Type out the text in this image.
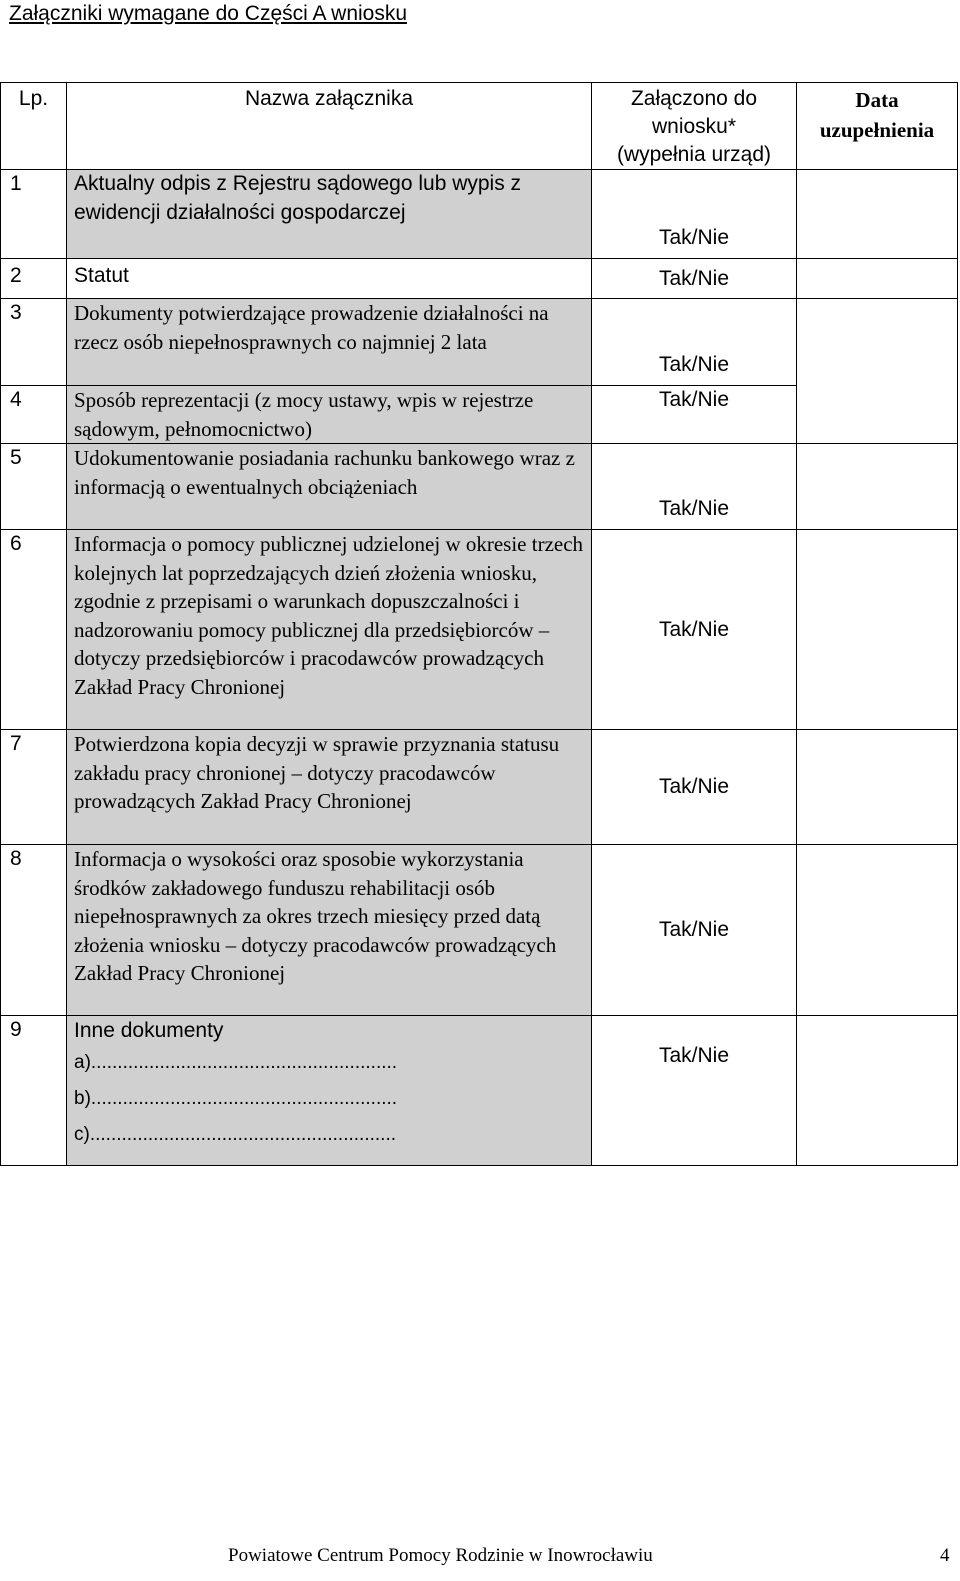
Załączniki wymagane do Części A wniosku
Lp.	Nazwa załącznika	Załączono do wniosku* (wypełnia urząd)	Data uzupełnienia
1	Aktualny odpis z Rejestru sądowego lub wypis z ewidencji działalności gospodarczej	Tak/Nie	
2	Statut	Tak/Nie	
3	Dokumenty potwierdzające prowadzenie działalności na rzecz osób niepełnosprawnych co najmniej 2 lata	Tak/Nie	
4	Sposób reprezentacji (z mocy ustawy, wpis w rejestrze sądowym, pełnomocnictwo)	Tak/Nie	
5	Udokumentowanie posiadania rachunku bankowego wraz z informacją o ewentualnych obciążeniach	Tak/Nie	
6	Informacja o pomocy publicznej udzielonej w okresie trzech kolejnych lat poprzedzających dzień złożenia wniosku, zgodnie z przepisami o warunkach dopuszczalności i nadzorowaniu pomocy publicznej dla przedsiębiorców – dotyczy przedsiębiorców i pracodawców prowadzących Zakład Pracy Chronionej	Tak/Nie	
7	Potwierdzona kopia decyzji w sprawie przyznania statusu zakładu pracy chronionej – dotyczy pracodawców prowadzących Zakład Pracy Chronionej	Tak/Nie	
8	Informacja o wysokości oraz sposobie wykorzystania środków zakładowego funduszu rehabilitacji osób niepełnosprawnych za okres trzech miesięcy przed datą złożenia wniosku – dotyczy pracodawców prowadzących Zakład Pracy Chronionej	Tak/Nie	
9	Inne dokumenty
a)..........................................................
b)..........................................................
c)..........................................................	Tak/Nie	
Powiatowe Centrum Pomocy Rodzinie w Inowrocławiu	4
